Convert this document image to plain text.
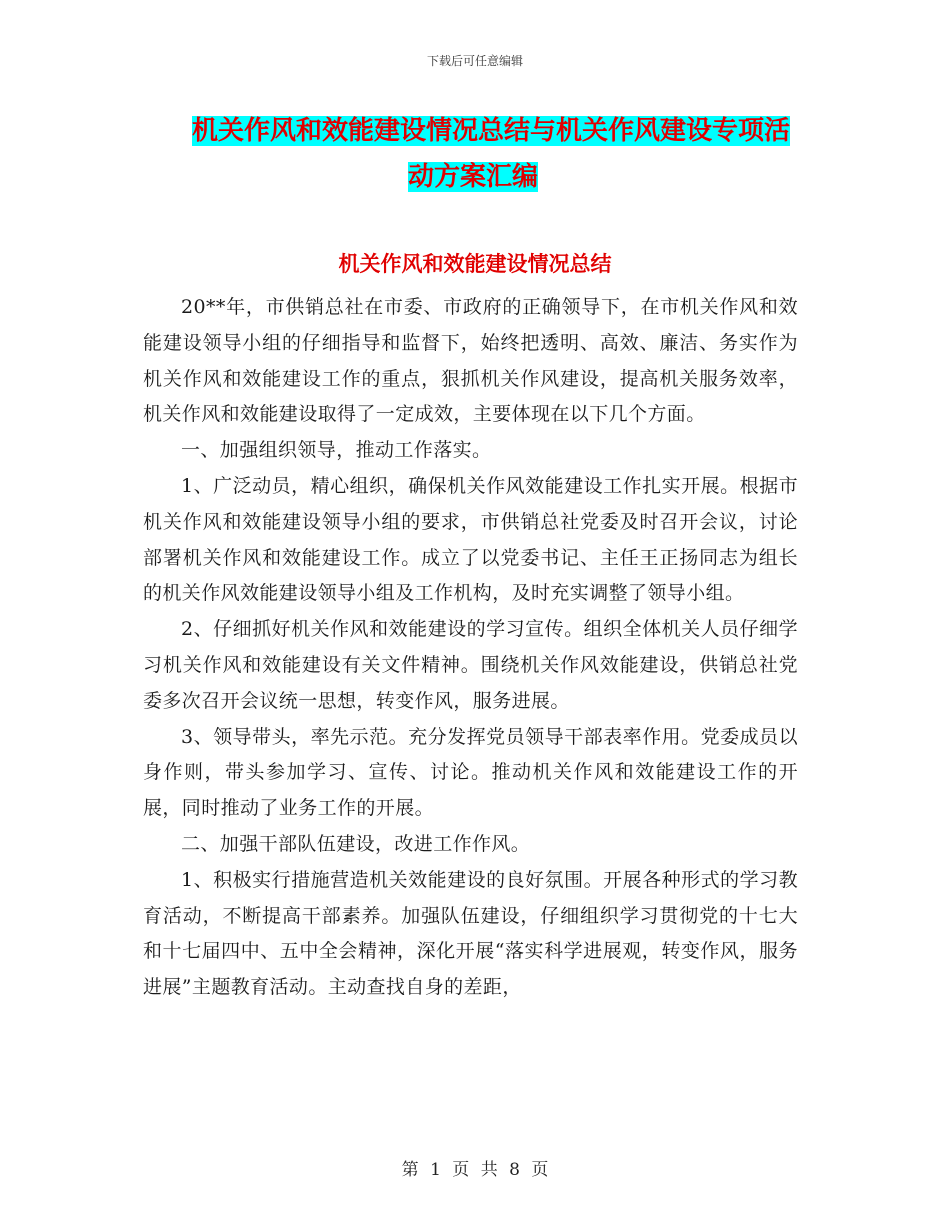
下载后可任意编辑
机关作风和效能建设情况总结与机关作风建设专项活
动方案汇编
机关作风和效能建设情况总结

20**年，市供销总社在市委、市政府的正确领导下，在市机关作风和效能建设领导小组的仔细指导和监督下，始终把透明、高效、廉洁、务实作为机关作风和效能建设工作的重点，狠抓机关作风建设，提高机关服务效率，机关作风和效能建设取得了一定成效，主要体现在以下几个方面。

一、加强组织领导，推动工作落实。

1、广泛动员，精心组织，确保机关作风效能建设工作扎实开展。根据市机关作风和效能建设领导小组的要求，市供销总社党委及时召开会议，讨论部署机关作风和效能建设工作。成立了以党委书记、主任王正扬同志为组长的机关作风效能建设领导小组及工作机构，及时充实调整了领导小组。

2、仔细抓好机关作风和效能建设的学习宣传。组织全体机关人员仔细学习机关作风和效能建设有关文件精神。围绕机关作风效能建设，供销总社党委多次召开会议统一思想，转变作风，服务进展。

3、领导带头，率先示范。充分发挥党员领导干部表率作用。党委成员以身作则，带头参加学习、宣传、讨论。推动机关作风和效能建设工作的开展，同时推动了业务工作的开展。

二、加强干部队伍建设，改进工作作风。

1、积极实行措施营造机关效能建设的良好氛围。开展各种形式的学习教育活动，不断提高干部素养。加强队伍建设，仔细组织学习贯彻党的十七大和十七届四中、五中全会精神，深化开展“落实科学进展观，转变作风，服务进展”主题教育活动。主动查找自身的差距，

第 1 页 共 8 页
